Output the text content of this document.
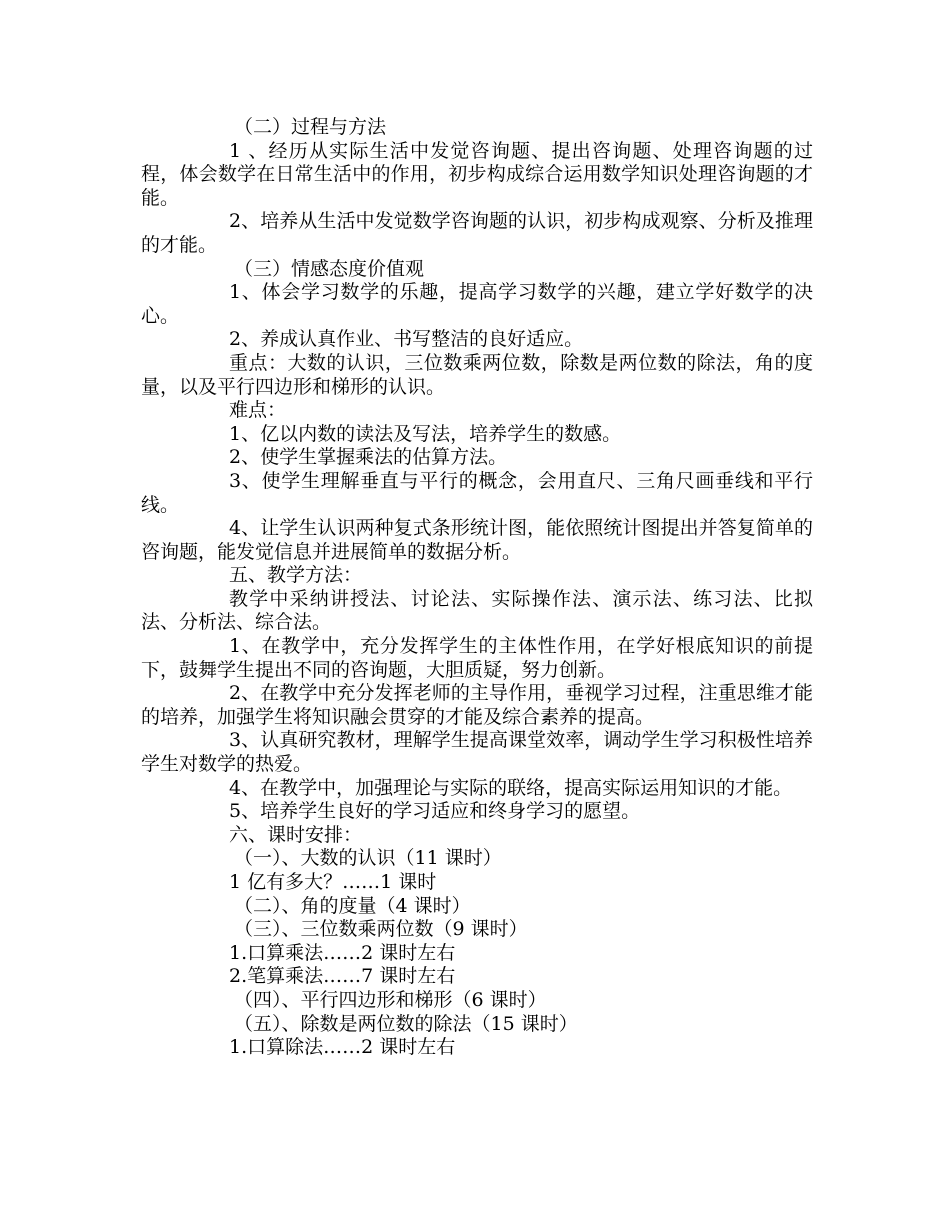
（二）过程与方法

1 、经历从实际生活中发觉咨询题、提出咨询题、处理咨询题的过程，体会数学在日常生活中的作用，初步构成综合运用数学知识处理咨询题的才能。

2、培养从生活中发觉数学咨询题的认识，初步构成观察、分析及推理的才能。

（三）情感态度价值观

1、体会学习数学的乐趣，提高学习数学的兴趣，建立学好数学的决心。

2、养成认真作业、书写整洁的良好适应。

重点：大数的认识，三位数乘两位数，除数是两位数的除法，角的度量，以及平行四边形和梯形的认识。

难点：

1、亿以内数的读法及写法，培养学生的数感。

2、使学生掌握乘法的估算方法。

3、使学生理解垂直与平行的概念，会用直尺、三角尺画垂线和平行线。

4、让学生认识两种复式条形统计图，能依照统计图提出并答复简单的咨询题，能发觉信息并进展简单的数据分析。

五、教学方法：

教学中采纳讲授法、讨论法、实际操作法、演示法、练习法、比拟法、分析法、综合法。

1、在教学中，充分发挥学生的主体性作用，在学好根底知识的前提下，鼓舞学生提出不同的咨询题，大胆质疑，努力创新。

2、在教学中充分发挥老师的主导作用，垂视学习过程，注重思维才能的培养，加强学生将知识融会贯穿的才能及综合素养的提高。

3、认真研究教材，理解学生提高课堂效率，调动学生学习积极性培养学生对数学的热爱。

4、在教学中，加强理论与实际的联络，提高实际运用知识的才能。

5、培养学生良好的学习适应和终身学习的愿望。

六、课时安排：

（一）、大数的认识（11 课时）

1 亿有多大？……1 课时

（二）、角的度量（4 课时）

（三）、三位数乘两位数（9 课时）

1.口算乘法……2 课时左右

2.笔算乘法……7 课时左右

（四）、平行四边形和梯形（6 课时）

（五）、除数是两位数的除法（15 课时）

1.口算除法……2 课时左右
